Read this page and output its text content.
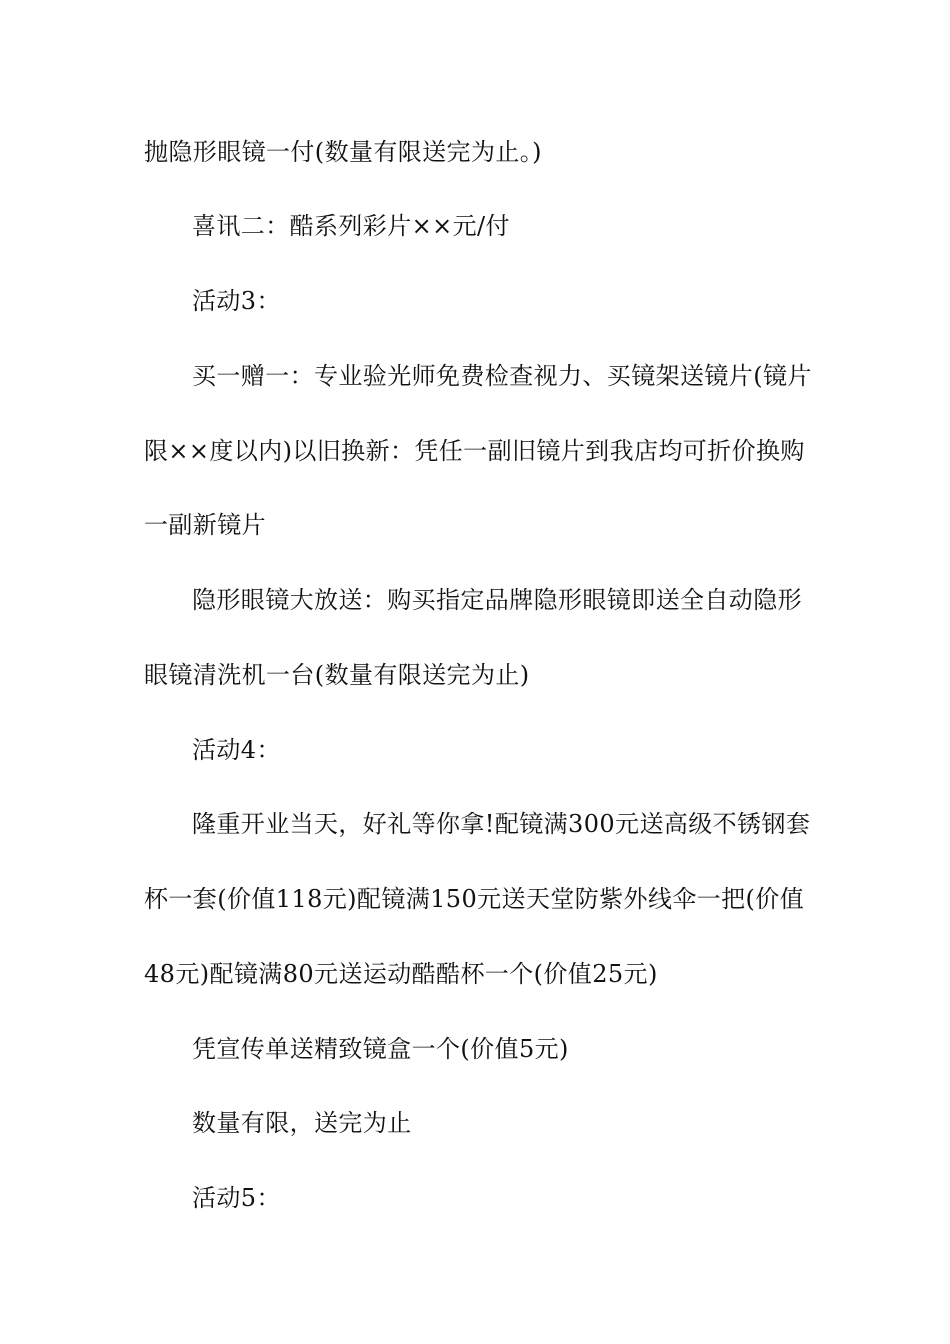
抛隐形眼镜一付(数量有限送完为止。)
喜讯二：酷系列彩片××元/付
活动3：
买一赠一：专业验光师免费检查视力、买镜架送镜片(镜片
限××度以内)以旧换新：凭任一副旧镜片到我店均可折价换购
一副新镜片
隐形眼镜大放送：购买指定品牌隐形眼镜即送全自动隐形
眼镜清洗机一台(数量有限送完为止)
活动4：
隆重开业当天，好礼等你拿!配镜满300元送高级不锈钢套
杯一套(价值118元)配镜满150元送天堂防紫外线伞一把(价值
48元)配镜满80元送运动酷酷杯一个(价值25元)
凭宣传单送精致镜盒一个(价值5元)
数量有限，送完为止
活动5：
